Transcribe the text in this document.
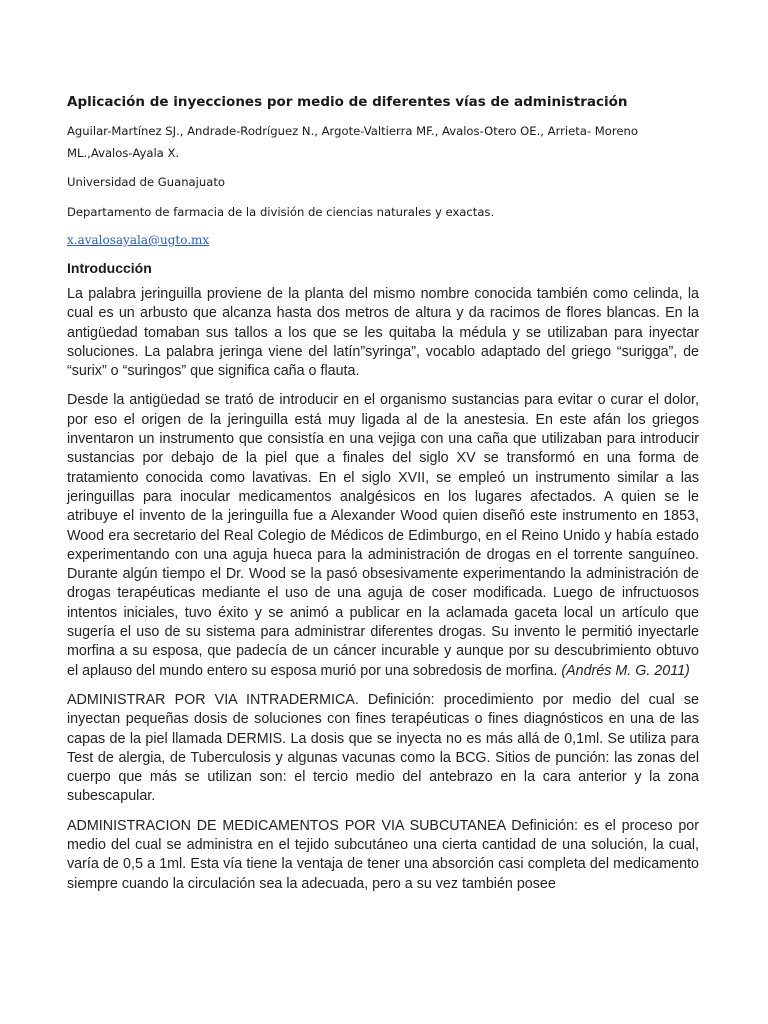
Aplicación de inyecciones por medio de diferentes vías de administración

Aguilar-Martínez SJ., Andrade-Rodríguez N., Argote-Valtierra MF., Avalos-Otero OE., Arrieta- Moreno ML.,Avalos-Ayala X.

Universidad de Guanajuato

Departamento de farmacia de la división de ciencias naturales y exactas.

x.avalosayala@ugto.mx
Introducción

La palabra jeringuilla proviene de la planta del mismo nombre conocida también como celinda, la cual es un arbusto que alcanza hasta dos metros de altura y da racimos de flores blancas. En la antigüedad tomaban sus tallos a los que se les quitaba la médula y se utilizaban para inyectar soluciones. La palabra jeringa viene del latín”syringa”, vocablo adaptado del griego “surigga”, de “surix” o “suringos” que significa caña o flauta.

Desde la antigüedad se trató de introducir en el organismo sustancias para evitar o curar el dolor, por eso el origen de la jeringuilla está muy ligada al de la anestesia. En este afán los griegos inventaron un instrumento que consistía en una vejiga con una caña que utilizaban para introducir sustancias por debajo de la piel que a finales del siglo XV se transformó en una forma de tratamiento conocida como lavativas. En el siglo XVII, se empleó un instrumento similar a las jeringuillas para inocular medicamentos analgésicos en los lugares afectados. A quien se le atribuye el invento de la jeringuilla fue a Alexander Wood quien diseñó este instrumento en 1853, Wood era secretario del Real Colegio de Médicos de Edimburgo, en el Reino Unido y había estado experimentando con una aguja hueca para la administración de drogas en el torrente sanguíneo. Durante algún tiempo el Dr. Wood se la pasó obsesivamente experimentando la administración de drogas terapéuticas mediante el uso de una aguja de coser modificada. Luego de infructuosos intentos iniciales, tuvo éxito y se animó a publicar en la aclamada gaceta local un artículo que sugería el uso de su sistema para administrar diferentes drogas. Su invento le permitió inyectarle morfina a su esposa, que padecía de un cáncer incurable y aunque por su descubrimiento obtuvo el aplauso del mundo entero su esposa murió por una sobredosis de morfina. (Andrés M. G. 2011)

ADMINISTRAR POR VIA INTRADERMICA. Definición: procedimiento por medio del cual se inyectan pequeñas dosis de soluciones con fines terapéuticas o fines diagnósticos en una de las capas de la piel llamada DERMIS. La dosis que se inyecta no es más allá de 0,1ml. Se utiliza para Test de alergia, de Tuberculosis y algunas vacunas como la BCG. Sitios de punción: las zonas del cuerpo que más se utilizan son: el tercio medio del antebrazo en la cara anterior y la zona subescapular.

ADMINISTRACION DE MEDICAMENTOS POR VIA SUBCUTANEA Definición: es el proceso por medio del cual se administra en el tejido subcutáneo una cierta cantidad de una solución, la cual, varía de 0,5 a 1ml. Esta vía tiene la ventaja de tener una absorción casi completa del medicamento siempre cuando la circulación sea la adecuada, pero a su vez también posee
